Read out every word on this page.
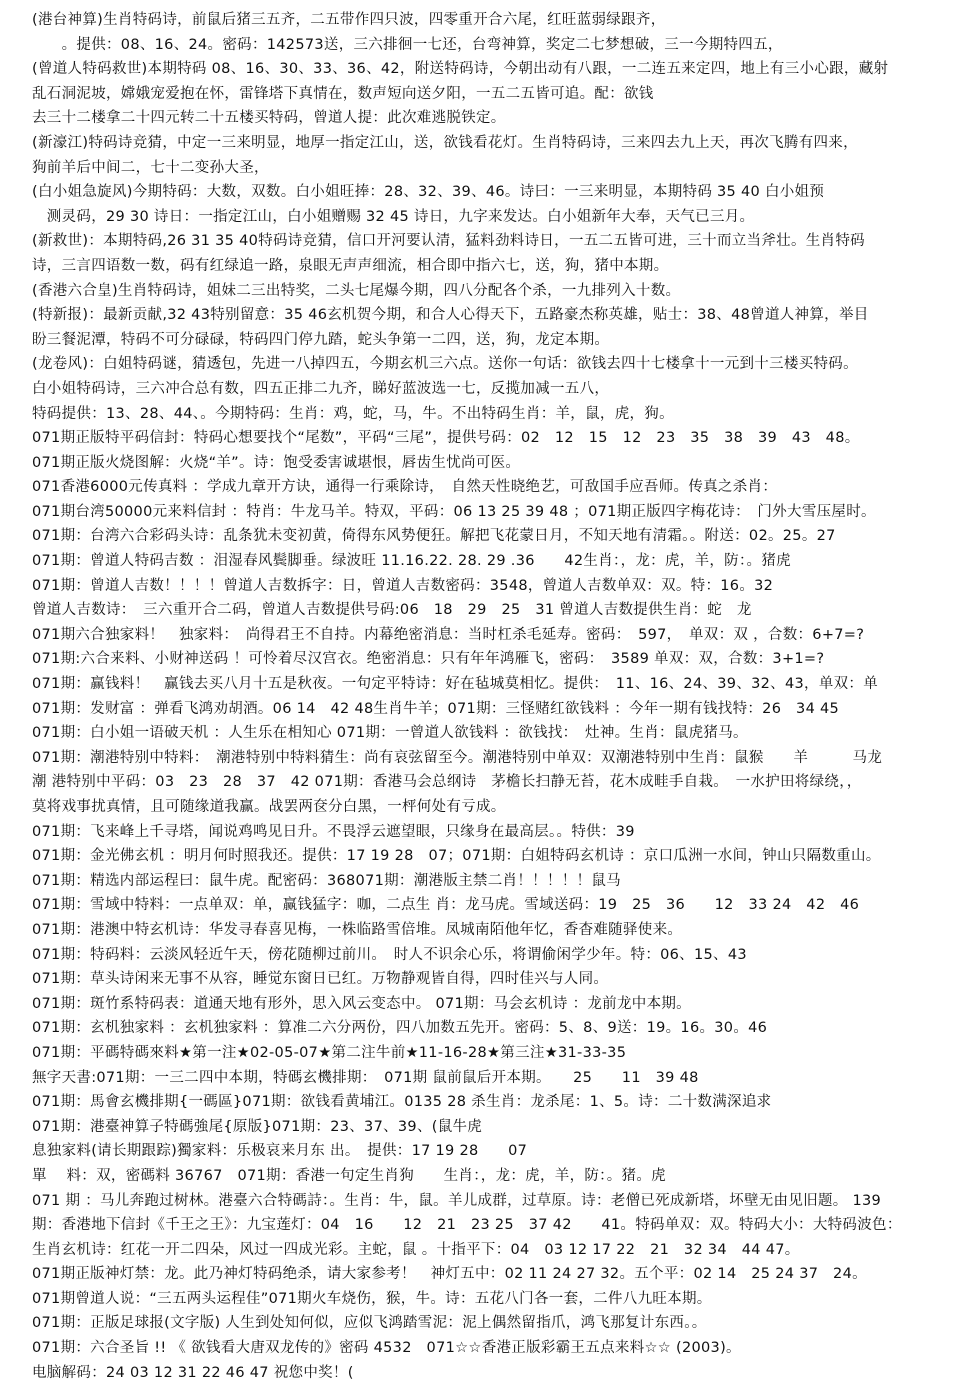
(港台神算)生肖特码诗，前鼠后猪三五齐，二五带作四只波，四零重开合六尾，红旺蓝弱绿跟齐，
　　。提供：08、16、24。密码：142573送，三六排徊一七还，台弯神算，奖定二七梦想破，三一今期特四五，
(曾道人特码救世)本期特码 08、16、30、33、36、42，附送特码诗，今朝出动有八跟，一二连五来定四，地上有三小心跟，藏射
乱石洞泥坡，嫦娥宠爱抱在怀，雷锋塔下真情在，数声短向送夕阳，一五二五皆可追。配：欲钱
去三十二楼拿二十四元转二十五楼买特码，曾道人提：此次难逃脱铁定。
(新濠江)特码诗竞猜，中定一三来明显，地厚一指定江山，送，欲钱看花灯。生肖特码诗，三来四去九上天，再次飞腾有四来，
狗前羊后中间二，七十二变孙大圣，
(白小姐急旋风)今期特码：大数，双数。白小姐旺捧：28、32、39、46。诗曰：一三来明显，本期特码 35 40 白小姐预
　测灵码，29 30 诗日：一指定江山，白小姐赠赐 32 45 诗日，九字来发达。白小姐新年大奉，天气已三月。
(新救世)：本期特码,26 31 35 40特码诗竞猜，信口开河要认清，猛料劲料诗日，一五二五皆可进，三十而立当斧壮。生肖特码
诗，三言四语数一数，码有红绿追一路，泉眼无声声细流，相合即中指六七，送，狗，猪中本期。
(香港六合皇)生肖特码诗，姐妹二三出特奖，二头七尾爆今期，四八分配各个杀，一九排列入十数。
(特新报)：最新贡献,32 43特别留意：35 46玄机贺今期，和合人心得天下，五路豪杰称英雄，贴士：38、48曾道人神算，举目
盼三餐泥潭，特码不可分碌碌，特码四门停九踏，蛇头争第一二四，送，狗，龙定本期。
(龙卷风)：白姐特码谜，猜透包，先进一八掉四五，今期玄机三六点。送你一句话：欲钱去四十七楼拿十一元到十三楼买特码。
白小姐特码诗，三六冲合总有数，四五正排二九齐，睇好蓝波选一七，反揽加减一五八，
特码提供：13、28、44、。今期特码：生肖：鸡，蛇，马，牛。不出特码生肖：羊，鼠，虎，狗。
071期正版特平码信封：特码心想要找个“尾数”，平码“三尾”，提供号码：02　12　15　12　23　35　38　39　43　48。
071期正版火烧图解：火烧“羊”。诗：饱受委害诚堪恨，唇齿生忧尚可医。
071香港6000元传真料 ：学成九章开方诀，通得一行乘除诗，　自然天性晓绝艺，可敌国手应吾师。传真之杀肖：
071期台湾50000元来料信封 ：特肖：牛龙马羊。特双，平码：06 13 25 39 48 ；071期正版四字梅花诗：　门外大雪压屋时。
071期：台湾六合彩码头诗：乱条犹未变初黄，倚得东风势便狂。解把飞花蒙日月，不知天地有清霜。。附送：02。25。27
071期：曾道人特码吉数 ：泪湿春风鬓脚垂。绿波旺 11.16.22. 28. 29 .36　　42生肖：，龙：虎，羊，防：。猪虎
071期：曾道人吉数！！！！曾道人吉数拆字：日，曾道人吉数密码：3548，曾道人吉数单双：双。特：16。32
曾道人吉数诗：　三六重开合二码，曾道人吉数提供号码:06　18　29　25　31 曾道人吉数提供生肖：蛇　龙
071期六合独家料！　独家料：　尚得君王不自持。内幕绝密消息：当时杠杀毛延寿。密码：　597，　单双：双 ，合数：6+7=?
071期:六合来料、小财神送码 ！可怜着尽汉宫衣。绝密消息：只有年年鸿雁飞，密码：　3589 单双：双，合数：3+1=?
071期：赢钱料！　赢钱去买八月十五是秋夜。一句定平特诗：好在毡城莫相忆。提供：　11、16、24、39、32、43，单双：单
071期：发财富 ：弹看飞鸿劝胡酒。06 14　42 48生肖牛羊；071期：三怪赌红欲钱料 ：今年一期有钱找特：26　34 45
071期：白小姐一语破天机 ：人生乐在相知心 071期：一曾道人欲钱料 ：欲钱找：　灶神。生肖：鼠虎猪马。
071期：潮港特别中特料：　潮港特别中特料猜生：尚有哀弦留至今。潮港特别中单双：双潮港特别中生肖：鼠猴　　羊　　　马龙
潮 港特别中平码：03　23　28　37　42 071期：香港马会总纲诗　茅檐长扫静无苔，花木成畦手自栽。　一水护田将绿绕，，
莫将戏事扰真情，且可随缘道我赢。战罢两奁分白黑，一枰何处有亏成。
071期：飞来峰上千寻塔，闻说鸡鸣见日升。不畏浮云遮望眼，只缘身在最高层。。特供：39
071期：金光佛玄机 ：明月何时照我还。提供：17 19 28　07；071期：白姐特码玄机诗 ：京口瓜洲一水间，钟山只隔数重山。
071期：精选内部运程曰：鼠牛虎。配密码：368071期：潮港版主禁二肖！！！！！鼠马
071期：雪域中特料：一点单双：单，赢钱猛字：咖，二点生 肖：龙马虎。雪域送码：19　25　36　　12　33 24　42　46
071期：港澳中特玄机诗：华发寻春喜见梅，一株临路雪倍堆。凤城南陌他年忆，香杳难随驿使来。
071期：特码料：云淡风轻近午天，傍花随柳过前川。　时人不识余心乐，将谓偷闲学少年。特：06、15、43
071期：草头诗闲来无事不从容，睡觉东窗日已红。万物静观皆自得，四时佳兴与人同。
071期：斑竹系特码表：道通天地有形外，思入风云变态中。 071期：马会玄机诗 ：龙前龙中本期。
071期：玄机独家料 ：玄机独家料 ：算准二六分两份，四八加数五先开。密码：5、8、9送：19。16。30。46
071期：平碼特碼來料★第一注★02-05-07★第二注牛前★11-16-28★第三注★31-33-35
無字天書:071期：一三二四中本期，特碼玄機排期：　071期 鼠前鼠后开本期。　　25　　11　39 48
071期：馬會玄機排期{一碼區}071期：欲钱看黄埔江。0135 28 杀生肖：龙杀尾：1、5。诗：二十数满深追求
071期：港臺神算子特碼強尾{原版}071期：23、37、39、(鼠牛虎
息独家料(请长期跟踪)獨家料：乐极哀来月东 出。　提供：17 19 28　　07
單　 料：双，密碼料 36767　071期：香港一句定生肖狗　　生肖：，龙：虎，羊，防：。猪。虎
071 期 ：马儿奔跑过树林。港臺六合特碼詩：。生肖：牛，鼠。羊儿成群，过草原。诗：老僧已死成新塔，坏壁无由见旧题。 139
期：香港地下信封《千王之王》：九宝莲灯：04　16　　12　21　23 25　37 42　　41。特码单双：双。特码大小：大特码波色：
生肖玄机诗：红花一开二四朵，风过一四成光彩。主蛇，鼠 。十指平下：04　03 12 17 22　21　32 34　44 47。
071期正版神灯禁：龙。此乃神灯特码绝杀，请大家参考！　神灯五中：02 11 24 27 32。五个平：02 14　25 24 37　24。
071期曾道人说：“三五两头运程佳”071期火车烧伤，猴，牛。诗：五花八门各一套，二件八九旺本期。
071期：正版足球报(文字版) 人生到处知何似，应似飞鸿踏雪泥：泥上偶然留指爪，鸿飞那复计东西。。
071期：六合圣旨 !! 《 欲钱看大唐双龙传的》密码 4532　071☆☆香港正版彩霸王五点来料☆☆ (2003)。
电脑解码：24 03 12 31 22 46 47 祝您中奖！(
